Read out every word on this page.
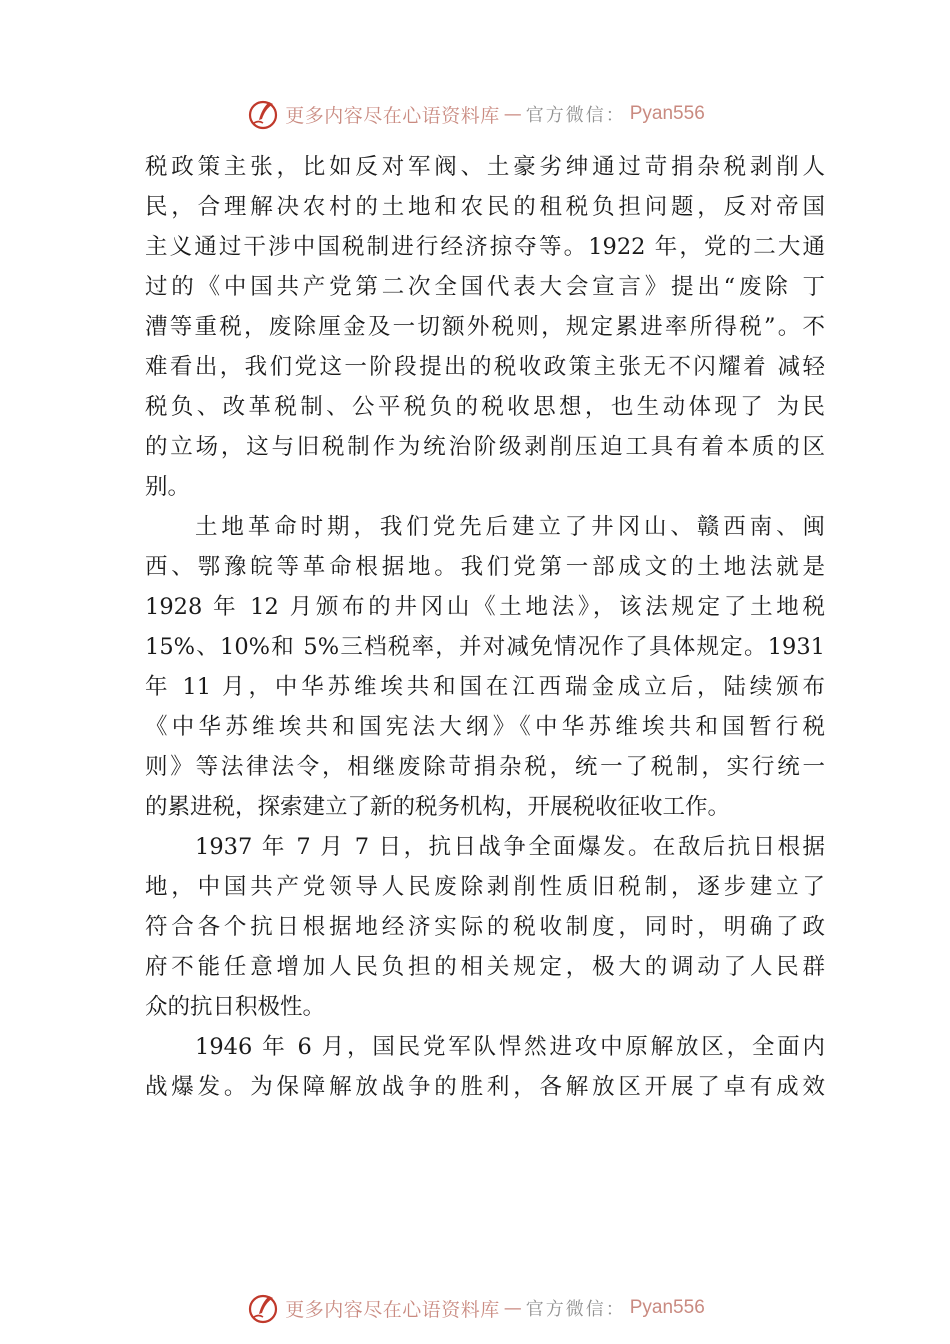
更多内容尽在心语资料库 — 官方微信： Pyan556
税政策主张，比如反对军阀、土豪劣绅通过苛捐杂税剥削人
民，合理解决农村的土地和农民的租税负担问题，反对帝国
主义通过干涉中国税制进行经济掠夺等。1922 年，党的二大通
过的《中国共产党第二次全国代表大会宣言》提出“废除 丁
漕等重税，废除厘金及一切额外税则，规定累进率所得税”。不
难看出，我们党这一阶段提出的税收政策主张无不闪耀着 减轻
税负、改革税制、公平税负的税收思想，也生动体现了 为民
的立场，这与旧税制作为统治阶级剥削压迫工具有着本质的区
别。
土地革命时期，我们党先后建立了井冈山、赣西南、闽
西、鄂豫皖等革命根据地。我们党第一部成文的土地法就是
1928 年 12 月颁布的井冈山《土地法》，该法规定了土地税
15%、10%和 5%三档税率，并对减免情况作了具体规定。1931
年 11 月，中华苏维埃共和国在江西瑞金成立后，陆续颁布
《中华苏维埃共和国宪法大纲》《中华苏维埃共和国暂行税
则》等法律法令，相继废除苛捐杂税，统一了税制，实行统一
的累进税，探索建立了新的税务机构，开展税收征收工作。
1937 年 7 月 7 日，抗日战争全面爆发。在敌后抗日根据
地，中国共产党领导人民废除剥削性质旧税制，逐步建立了
符合各个抗日根据地经济实际的税收制度，同时，明确了政
府不能任意增加人民负担的相关规定，极大的调动了人民群
众的抗日积极性。
1946 年 6 月，国民党军队悍然进攻中原解放区，全面内
战爆发。为保障解放战争的胜利，各解放区开展了卓有成效
更多内容尽在心语资料库 — 官方微信： Pyan556
